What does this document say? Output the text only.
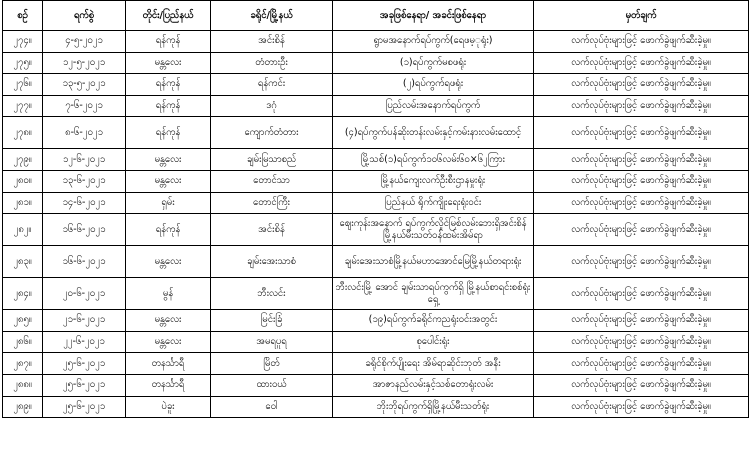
စဉ်	ရက်စွဲ	တိုင်း/ပြည်နယ်	ခရိုင်/မြို့နယ်	အခုဖြစ်နေရာ/ အခင်းဖြစ်နေရာ	မှတ်ချက်
၂၇၄။	၄-၅-၂၀၂၁	ရန်ကုန်	အင်းစိန်	ရွာမအနောက်ရပ်ကွက်(ရေဖမ့ုရုံး)	လက်လုပ်ဗုံးများဖြင့် ဖောက်ခွဲဖျက်ဆီးခဲ့မှု။
၂၇၅။	၁၂-၅-၂၀၂၁	မန္တလေး	တံတားဦး	(၁)ရပ်ကွက်မစဖရုံး	လက်လုပ်ဗုံးများဖြင့် ဖောက်ခွဲဖျက်ဆီးခဲ့မှု။
၂၇၆။	၁၃-၅-၂၀၂၁	ရန်ကုန်	ရန်ကင်း	(၂)ရပ်ကွက်ရဖရုံး	လက်လုပ်ဗုံးများဖြင့် ဖောက်ခွဲဖျက်ဆီးခဲ့မှု။
၂၇၇။	၇-၆-၂၀၂၁	ရန်ကုန်	ဒဂုံ	ပြည်လမ်းအနောက်ရပ်ကွက်	လက်လုပ်ဗုံးများဖြင့် ဖောက်ခွဲဖျက်ဆီးခဲ့မှု။
၂၇၈။	၈-၆-၂၀၂၁	ရန်ကုန်	ကျောက်တံတား	(၄)ရပ်ကွက်ပန်ဆိုးတန်းလမ်းနှင့်ကမ်းနားလမ်းထောင့်	လက်လုပ်ဗုံးများဖြင့် ဖောက်ခွဲဖျက်ဆီးခဲ့မှု။
၂၇၉။	၁၂-၆-၂၀၂၁	မန္တလေး	ချမ်းမြသာစည်	မြို့သစ်(၁)ရပ်ကွက်၁၀၆လမ်း၆၀×၆၂ကြား	လက်လုပ်ဗုံးများဖြင့် ဖောက်ခွဲဖျက်ဆီးခဲ့မှု။
၂၈၀။	၁၃-၆-၂၀၂၁	မန္တလေး	တောင်သာ	မြို့နယ်ကျေးလက်ဦးစီးဌာနမှုးရုံး	လက်လုပ်ဗုံးများဖြင့် ဖောက်ခွဲဖျက်ဆီးခဲ့မှု။
၂၈၁။	၁၄-၆-၂၀၂၁	ရှမ်း	တောင်ကြီး	ပြည်နယ် ရိုက်ကျိုးရေးရုံးဝင်း	လက်လုပ်ဗုံးများဖြင့် ဖောက်ခွဲဖျက်ဆီးခဲ့မှု။
၂၈၂။	၁၆-၆-၂၀၂၁	ရန်ကုန်	အင်းစိန်	ဈေးကုန်းအနောက် ရပ်ကွက်လှိုင်မြစ်လမ်းဘေးရှိအင်းစိန်မြို့နယ်မီးသတ်ဝန်ထမ်းအိမ်ရာ	လက်လုပ်ဗုံးများဖြင့် ဖောက်ခွဲဖျက်ဆီးခဲ့မှု။
၂၈၃။	၁၆-၆-၂၀၂၁	မန္တလေး	ချမ်းအေးသာစံ	ချမ်းအေးသာစံမြို့နယ်မဟာအောင်မြေမြို့နယ်တရားရုံး	လက်လုပ်ဗုံးများဖြင့် ဖောက်ခွဲဖျက်ဆီးခဲ့မှု။
၂၈၄။	၂၀-၆-၂၀၂၁	မွန်	ဘီးလင်း	ဘီးလင်းမြို့ အောင် ချမ်းသာရပ်ကွက်ရှိ မြို့နယ်စာရင်းစစ်ရုံးရှေ့	လက်လုပ်ဗုံးများဖြင့် ဖောက်ခွဲဖျက်ဆီးခဲ့မှု။
၂၈၅။	၂၁-၆-၂၀၂၁	မန္တလေး	မြင်းခြံ	(၁၉)ရပ်ကွက်ခရိုင်ကညရုံးဝင်းအတွင်း	လက်လုပ်ဗုံးများဖြင့် ဖောက်ခွဲဖျက်ဆီးခဲ့မှု။
၂၈၆။	၂၂-၆-၂၀၂၁	မန္တလေး	အမရပူရ	စုပေါင်းရုံး	လက်လုပ်ဗုံးများဖြင့် ဖောက်ခွဲဖျက်ဆီးခဲ့မှု။
၂၈၇။	၂၅-၆-၂၀၂၁	တနင်္သာရီ	မြိတ်	ခရိုင်စိုက်ပျိုးရေး အိမ်ရာဆိုင်းဘုတ် အနီး	လက်လုပ်ဗုံးများဖြင့် ဖောက်ခွဲဖျက်ဆီးခဲ့မှု။
၂၈၈။	၂၅-၆-၂၀၂၁	တနင်္သာရီ	ထားဝယ်	အာဇာနည်လမ်းနှင့်သစ်တောရုံးလမ်း	လက်လုပ်ဗုံးများဖြင့် ဖောက်ခွဲဖျက်ဆီးခဲ့မှု။
၂၈၉။	၂၅-၆-၂၀၂၁	ပဲခူး	ဝေါ	ဘိုးဘိုရပ်ကွက်ရှိမြို့နယ်မီးသတ်ရုံး	လက်လုပ်ဗုံးများဖြင့် ဖောက်ခွဲဖျက်ဆီးခဲ့မှု။
